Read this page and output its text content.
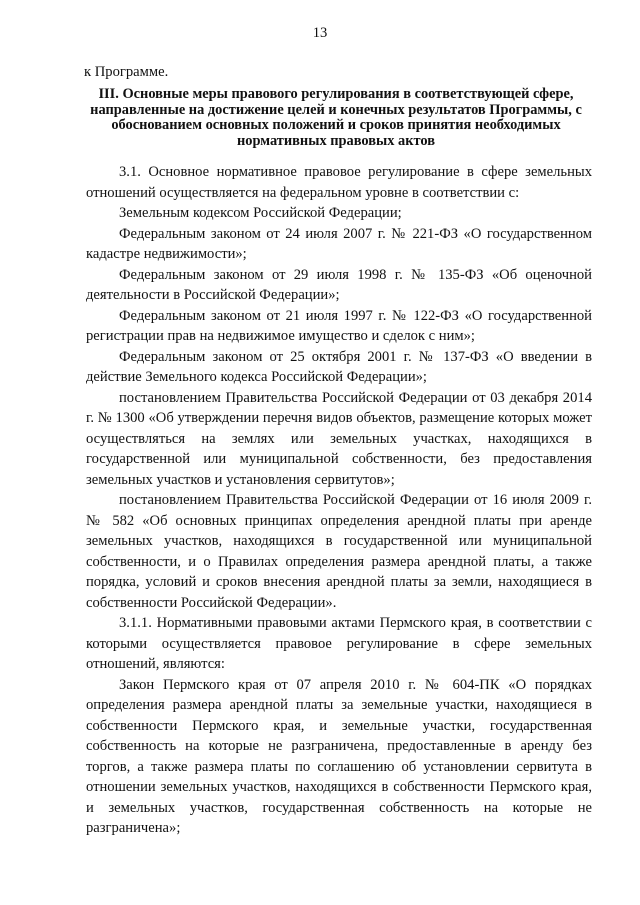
13
к Программе.
III. Основные меры правового регулирования в соответствующей сфере, направленные на достижение целей и конечных результатов Программы, с обоснованием основных положений и сроков принятия необходимых нормативных правовых актов

3.1. Основное нормативное правовое регулирование в сфере земельных отношений осуществляется на федеральном уровне в соответствии с:

Земельным кодексом Российской Федерации;

Федеральным законом от 24 июля 2007 г. № 221-ФЗ «О государственном кадастре недвижимости»;

Федеральным законом от 29 июля 1998 г. № 135-ФЗ «Об оценочной деятельности в Российской Федерации»;

Федеральным законом от 21 июля 1997 г. № 122-ФЗ «О государственной регистрации прав на недвижимое имущество и сделок с ним»;

Федеральным законом от 25 октября 2001 г. № 137-ФЗ «О введении в действие Земельного кодекса Российской Федерации»;

постановлением Правительства Российской Федерации от 03 декабря 2014 г. № 1300 «Об утверждении перечня видов объектов, размещение которых может осуществляться на землях или земельных участках, находящихся в государственной или муниципальной собственности, без предоставления земельных участков и установления сервитутов»;

постановлением Правительства Российской Федерации от 16 июля 2009 г. № 582 «Об основных принципах определения арендной платы при аренде земельных участков, находящихся в государственной или муниципальной собственности, и о Правилах определения размера арендной платы, а также порядка, условий и сроков внесения арендной платы за земли, находящиеся в собственности Российской Федерации».

3.1.1. Нормативными правовыми актами Пермского края, в соответствии с которыми осуществляется правовое регулирование в сфере земельных отношений, являются:

Закон Пермского края от 07 апреля 2010 г. № 604-ПК «О порядках определения размера арендной платы за земельные участки, находящиеся в собственности Пермского края, и земельные участки, государственная собственность на которые не разграничена, предоставленные в аренду без торгов, а также размера платы по соглашению об установлении сервитута в отношении земельных участков, находящихся в собственности Пермского края, и земельных участков, государственная собственность на которые не разграничена»;
